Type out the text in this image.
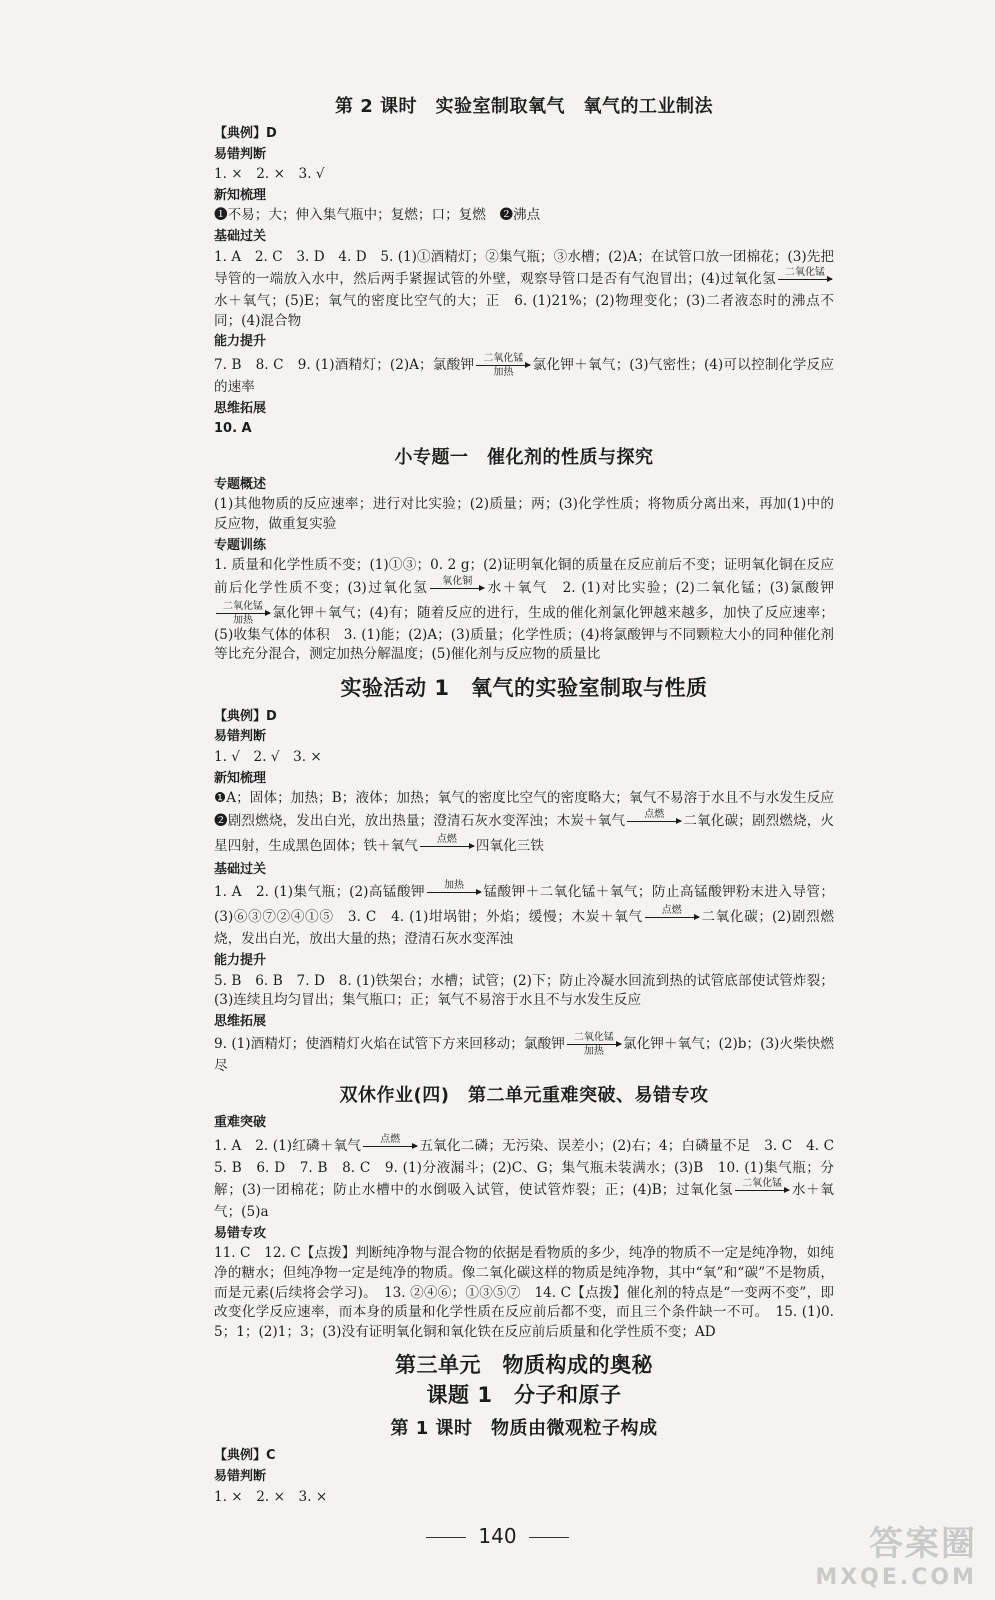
第 2 课时　实验室制取氧气　氧气的工业制法
【典例】D
易错判断

1. ×　2. ×　3. √

新知梳理

❶不易；大；伸入集气瓶中；复燃；口；复燃　❷沸点

基础过关

1. A　2. C　3. D　4. D　5. (1)①酒精灯；②集气瓶；③水槽；(2)A；在试管口放一团棉花；(3)先把导管的一端放入水中，然后两手紧握试管的外壁，观察导管口是否有气泡冒出；(4)过氧化氢 二氧化锰
水＋氧气；(5)E；氧气的密度比空气的大；正　6. (1)21%；(2)物理变化；(3)二者液态时的沸点不同；(4)混合物

能力提升

7. B　8. C　9. (1)酒精灯；(2)A；氯酸钾 二氧化锰
加热	氯化钾＋氧气；(3)气密性；(4)可以控制化学反应的速率

思维拓展

10. A

小专题一　催化剂的性质与探究
专题概述

(1)其他物质的反应速率；进行对比实验；(2)质量；两；(3)化学性质；将物质分离出来，再加(1)中的反应物，做重复实验

专题训练

1. 质量和化学性质不变；(1)①③；0. 2 g；(2)证明氧化铜的质量在反应前后不变；证明氧化铜在反应前后化学性质不变；(3)过氧化氢	氧化铜	水＋氧气　2. (1)对比实验；(2)二氧化锰；(3)氯酸钾
二氧化锰
加热	氯化钾＋氧气；(4)有；随着反应的进行，生成的催化剂氯化钾越来越多，加快了反应速率；(5)收集气体的体积　3. (1)能；(2)A；(3)质量；化学性质；(4)将氯酸钾与不同颗粒大小的同种催化剂等比充分混合，测定加热分解温度；(5)催化剂与反应物的质量比

实验活动 1　氧气的实验室制取与性质
【典例】D
易错判断

1. √　2. √　3. ×

新知梳理

❶A；固体；加热；B；液体；加热；氧气的密度比空气的密度略大；氧气不易溶于水且不与水发生反应　❷剧烈燃烧，发出白光，放出热量；澄清石灰水变浑浊；木炭＋氧气	点燃	二氧化碳；剧烈燃烧，火星四射，生成黑色固体；铁＋氧气	点燃	四氧化三铁

基础过关

1. A　2. (1)集气瓶；(2)高锰酸钾	加热	锰酸钾＋二氧化锰＋氧气；防止高锰酸钾粉末进入导管；(3)⑥③⑦②④①⑤　3. C　4. (1)坩埚钳；外焰；缓慢；木炭＋氧气	点燃	二氧化碳；(2)剧烈燃烧，发出白光，放出大量的热；澄清石灰水变浑浊

能力提升

5. B　6. B　7. D　8. (1)铁架台；水槽；试管；(2)下；防止冷凝水回流到热的试管底部使试管炸裂；(3)连续且均匀冒出；集气瓶口；正；氧气不易溶于水且不与水发生反应

思维拓展

9. (1)酒精灯；使酒精灯火焰在试管下方来回移动；氯酸钾 二氧化锰
加热	氯化钾＋氧气；(2)b；(3)火柴快燃尽

双休作业(四)　第二单元重难突破、易错专攻
重难突破

1. A　2. (1)红磷＋氧气	点燃	五氧化二磷；无污染、误差小；(2)右；4；白磷量不足　3. C　4. C　5. B　6. D　7. B　8. C　9. (1)分液漏斗；(2)C、G；集气瓶未装满水；(3)B　10. (1)集气瓶；分解；(3)一团棉花；防止水槽中的水倒吸入试管，使试管炸裂；正；(4)B；过氧化氢 二氧化锰 水＋氧气；(5)a

易错专攻

11. C　12. C【点拨】判断纯净物与混合物的依据是看物质的多少，纯净的物质不一定是纯净物，如纯净的糖水；但纯净物一定是纯净的物质。像二氧化碳这样的物质是纯净物，其中“氧”和“碳”不是物质，而是元素(后续将会学习)。　13. ②④⑥；①③⑤⑦　14. C【点拨】催化剂的特点是“一变两不变”，即改变化学反应速率，而本身的质量和化学性质在反应前后都不变，而且三个条件缺一不可。　15. (1)0. 5；1；(2)1；3；(3)没有证明氧化铜和氧化铁在反应前后质量和化学性质不变；AD

第三单元　物质构成的奥秘
课题 1　分子和原子
第 1 课时　物质由微观粒子构成
【典例】C
易错判断

1. ×　2. ×　3. ×

140	答案圈
MXQE.COM
